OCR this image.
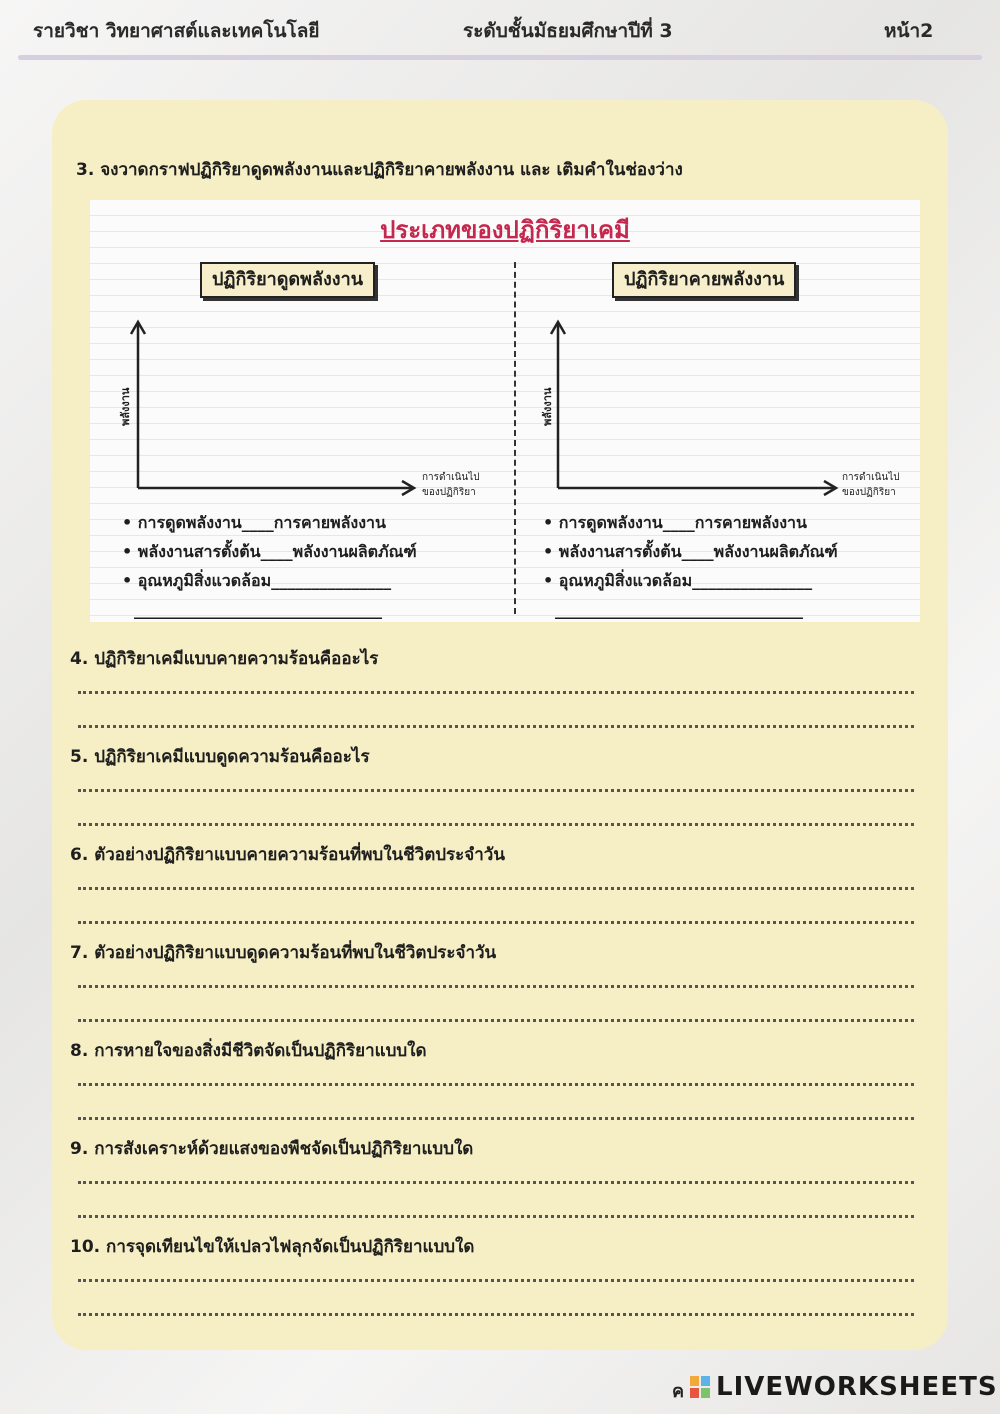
รายวิชา วิทยาศาสต์และเทคโนโลยี	ระดับชั้นมัธยมศึกษาปีที่ 3	หน้า2
3. จงวาดกราฟปฏิกิริยาดูดพลังงานและปฏิกิริยาคายพลังงาน และ เติมคำในช่องว่าง
ประเภทของปฏิกิริยาเคมี
ปฏิกิริยาดูดพลังงาน	ปฏิกิริยาคายพลังงาน
พลังงาน	พลังงาน
การดำเนินไป
ของปฏิกิริยา
การดำเนินไป
ของปฏิกิริยา
• การดูดพลังงาน____การคายพลังงาน
• พลังงานสารตั้งต้น____พลังงานผลิตภัณฑ์
• อุณหภูมิสิ่งแวดล้อม_______________
_______________________________
• การดูดพลังงาน____การคายพลังงาน
• พลังงานสารตั้งต้น____พลังงานผลิตภัณฑ์
• อุณหภูมิสิ่งแวดล้อม_______________
_______________________________
4. ปฏิกิริยาเคมีแบบคายความร้อนคืออะไร
5. ปฏิกิริยาเคมีแบบดูดความร้อนคืออะไร
6. ตัวอย่างปฏิกิริยาแบบคายความร้อนที่พบในชีวิตประจำวัน
7. ตัวอย่างปฏิกิริยาแบบดูดความร้อนที่พบในชีวิตประจำวัน
8. การหายใจของสิ่งมีชีวิตจัดเป็นปฏิกิริยาแบบใด
9. การสังเคราะห์ด้วยแสงของพืชจัดเป็นปฏิกิริยาแบบใด
10. การจุดเทียนไขให้เปลวไฟลุกจัดเป็นปฏิกิริยาแบบใด
ค LIVEWORKSHEETS
